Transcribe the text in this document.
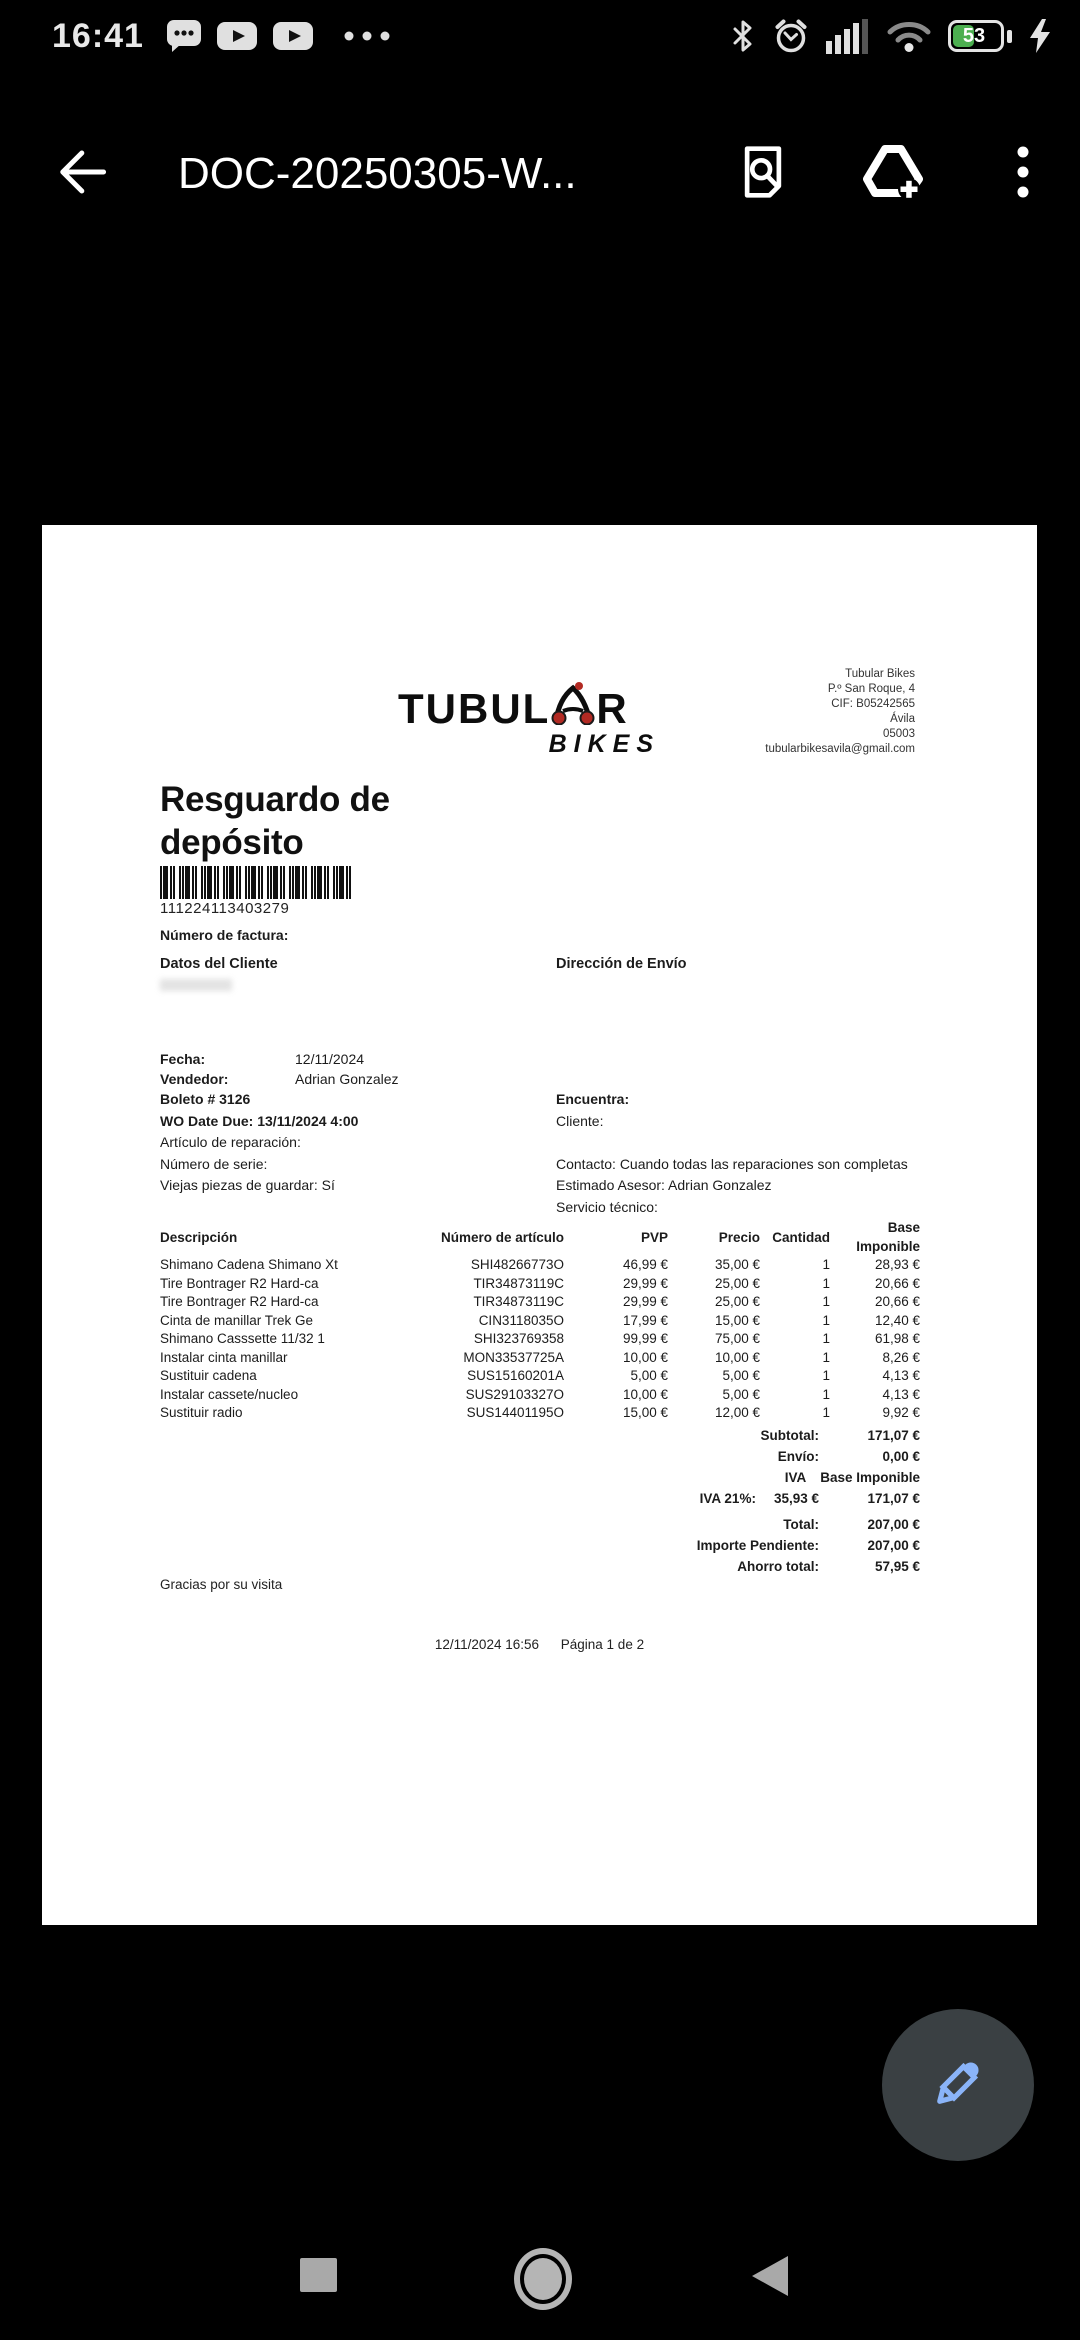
16:41	53
DOC-20250305-W...
Tubular Bikes
P.º San Roque, 4
CIF: B05242565
Ávila
05003
tubularbikesavila@gmail.com
TUBUL R
BIKES
Resguardo de depósito
111224113403279
Número de factura:
Datos del Cliente	Dirección de Envío
Fecha:	12/11/2024
Vendedor:	Adrian Gonzalez
Boleto # 3126	Encuentra:
WO Date Due: 13/11/2024 4:00	Cliente:
Artículo de reparación:
Número de serie:	Contacto: Cuando todas las reparaciones son completas
Viejas piezas de guardar: Sí	Estimado Asesor: Adrian Gonzalez
Servicio técnico:
Descripción	Número de artículo	PVP	Precio	Cantidad	Base Imponible
Shimano Cadena Shimano Xt	SHI48266773O	46,99 €	35,00 €	1	28,93 €
Tire Bontrager R2 Hard-ca	TIR34873119C	29,99 €	25,00 €	1	20,66 €
Tire Bontrager R2 Hard-ca	TIR34873119C	29,99 €	25,00 €	1	20,66 €
Cinta de manillar Trek Ge	CIN3118035O	17,99 €	15,00 €	1	12,40 €
Shimano Casssette 11/32 1	SHI323769358	99,99 €	75,00 €	1	61,98 €
Instalar cinta manillar	MON33537725A	10,00 €	10,00 €	1	8,26 €
Sustituir cadena	SUS15160201A	5,00 €	5,00 €	1	4,13 €
Instalar cassete/nucleo	SUS29103327O	10,00 €	5,00 €	1	4,13 €
Sustituir radio	SUS14401195O	15,00 €	12,00 €	1	9,92 €
Subtotal:	171,07 €
Envío:	0,00 €
IVA Base Imponible
IVA 21%: 35,93 €	171,07 €
Total:	207,00 €
Importe Pendiente:	207,00 €
Ahorro total:	57,95 €
Gracias por su visita
12/11/2024 16:56 Página 1 de 2
